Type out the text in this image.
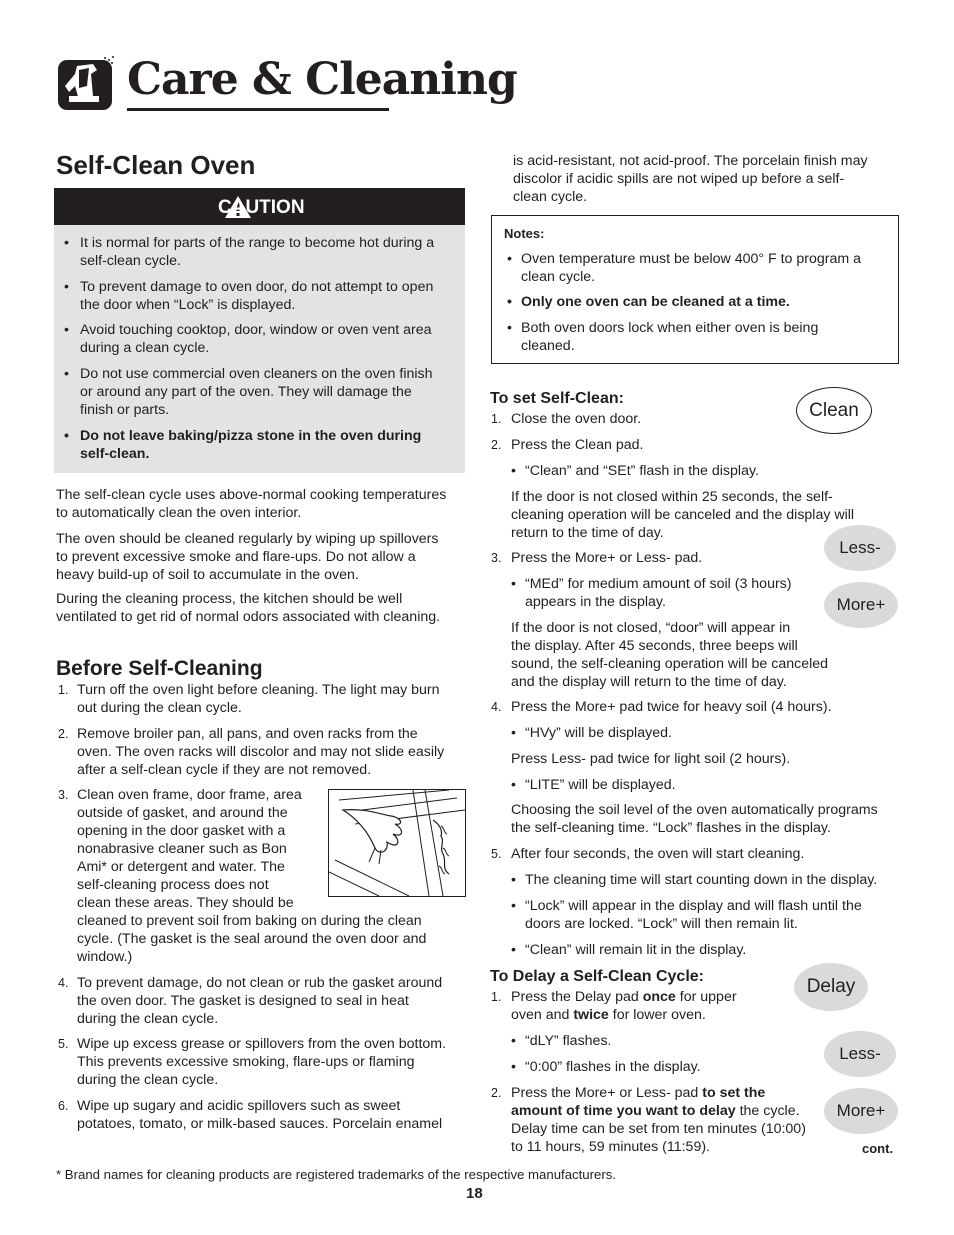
Care & Cleaning
Self-Clean Oven
CAUTION
• It is normal for parts of the range to become hot during a
self-clean cycle.
• To prevent damage to oven door, do not attempt to open
the door when “Lock” is displayed.
• Avoid touching cooktop, door, window or oven vent area
during a clean cycle.
• Do not use commercial oven cleaners on the oven finish
or around any part of the oven. They will damage the
finish or parts.
• Do not leave baking/pizza stone in the oven during
self-clean.
The self-clean cycle uses above-normal cooking temperatures
to automatically clean the oven interior.
The oven should be cleaned regularly by wiping up spillovers
to prevent excessive smoke and flare-ups. Do not allow a
heavy build-up of soil to accumulate in the oven.
During the cleaning process, the kitchen should be well
ventilated to get rid of normal odors associated with cleaning.
Before Self-Cleaning
1. Turn off the oven light before cleaning. The light may burn
out during the clean cycle.
2. Remove broiler pan, all pans, and oven racks from the
oven. The oven racks will discolor and may not slide easily
after a self-clean cycle if they are not removed.
3. Clean oven frame, door frame, area
outside of gasket, and around the
opening in the door gasket with a
nonabrasive cleaner such as Bon
Ami* or detergent and water. The
self-cleaning process does not
clean these areas. They should be
cleaned to prevent soil from baking on during the clean
cycle. (The gasket is the seal around the oven door and
window.)
4. To prevent damage, do not clean or rub the gasket around
the oven door. The gasket is designed to seal in heat
during the clean cycle.
5. Wipe up excess grease or spillovers from the oven bottom.
This prevents excessive smoking, flare-ups or flaming
during the clean cycle.
6. Wipe up sugary and acidic spillovers such as sweet
potatoes, tomato, or milk-based sauces. Porcelain enamel
is acid-resistant, not acid-proof. The porcelain finish may
discolor if acidic spills are not wiped up before a self-
clean cycle.
Notes:
• Oven temperature must be below 400° F to program a
clean cycle.
• Only one oven can be cleaned at a time.
• Both oven doors lock when either oven is being
cleaned.
To set Self-Clean:
1. Close the oven door.
2. Press the Clean pad.
• “Clean” and “SEt” flash in the display.
If the door is not closed within 25 seconds, the self-
cleaning operation will be canceled and the display will
return to the time of day.
3. Press the More+ or Less- pad.
• “MEd” for medium amount of soil (3 hours)
appears in the display.
If the door is not closed, “door” will appear in
the display. After 45 seconds, three beeps will
sound, the self-cleaning operation will be canceled
and the display will return to the time of day.
4. Press the More+ pad twice for heavy soil (4 hours).
• “HVy” will be displayed.
Press Less- pad twice for light soil (2 hours).
• “LITE” will be displayed.
Choosing the soil level of the oven automatically programs
the self-cleaning time. “Lock” flashes in the display.
5. After four seconds, the oven will start cleaning.
• The cleaning time will start counting down in the display.
• “Lock” will appear in the display and will flash until the
doors are locked. “Lock” will then remain lit.
• “Clean” will remain lit in the display.
To Delay a Self-Clean Cycle:
1. Press the Delay pad once for upper
oven and twice for lower oven.
• “dLY” flashes.
• “0:00” flashes in the display.
2. Press the More+ or Less- pad to set the
amount of time you want to delay the cycle.
Delay time can be set from ten minutes (10:00)
to 11 hours, 59 minutes (11:59).	cont.
Clean
Less-
More+
Delay
Less-
More+
* Brand names for cleaning products are registered trademarks of the respective manufacturers.
18
